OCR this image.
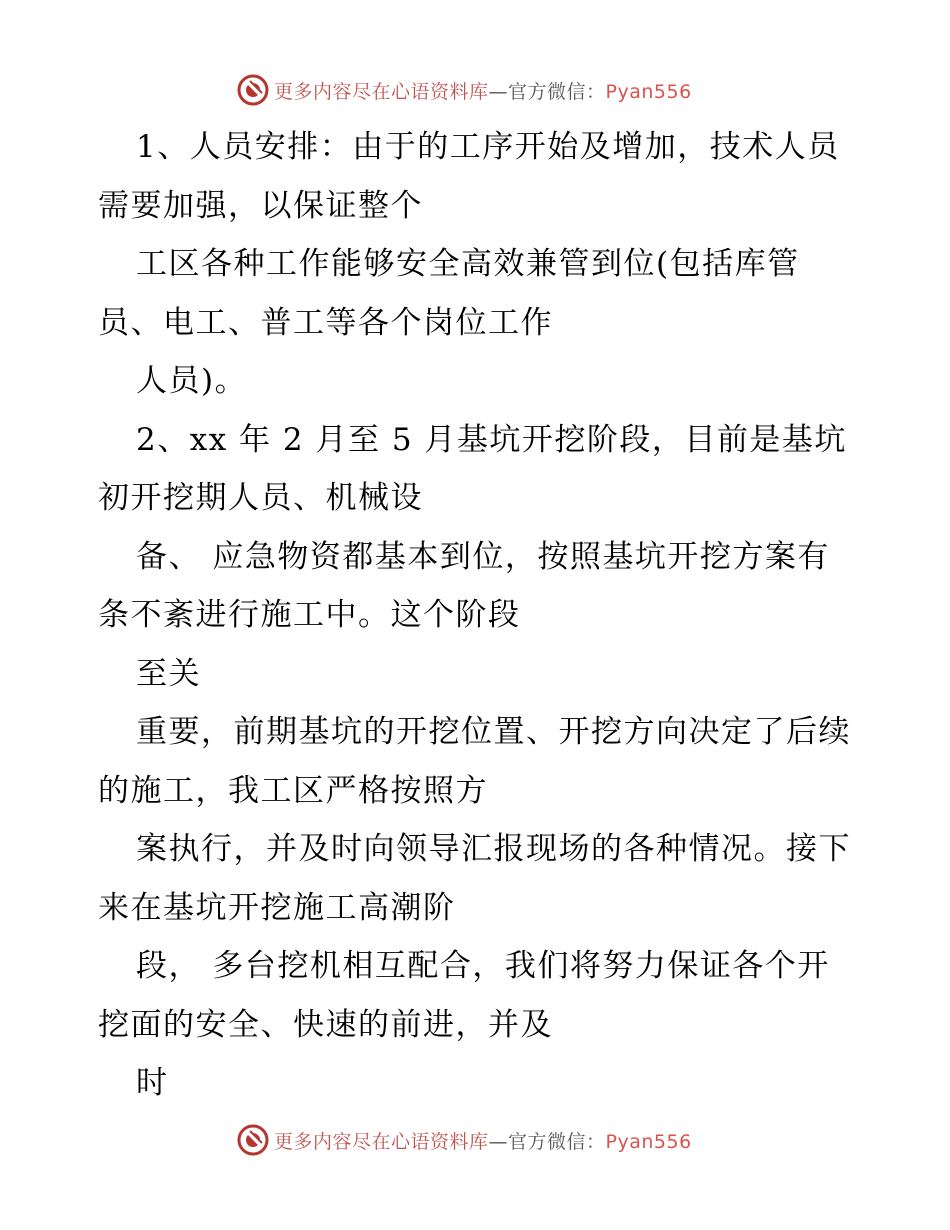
更多内容尽在心语资料库—官方微信：Pyan556

1、人员安排：由于的工序开始及增加，技术人员需要加强，以保证整个

工区各种工作能够安全高效兼管到位(包括库管员、电工、普工等各个岗位工作

人员)。

2、xx 年 2 月至 5 月基坑开挖阶段，目前是基坑初开挖期人员、机械设

备、 应急物资都基本到位，按照基坑开挖方案有条不紊进行施工中。这个阶段

至关

重要，前期基坑的开挖位置、开挖方向决定了后续的施工，我工区严格按照方

案执行，并及时向领导汇报现场的各种情况。接下来在基坑开挖施工高潮阶

段， 多台挖机相互配合，我们将努力保证各个开挖面的安全、快速的前进，并及

时

更多内容尽在心语资料库—官方微信：Pyan556
